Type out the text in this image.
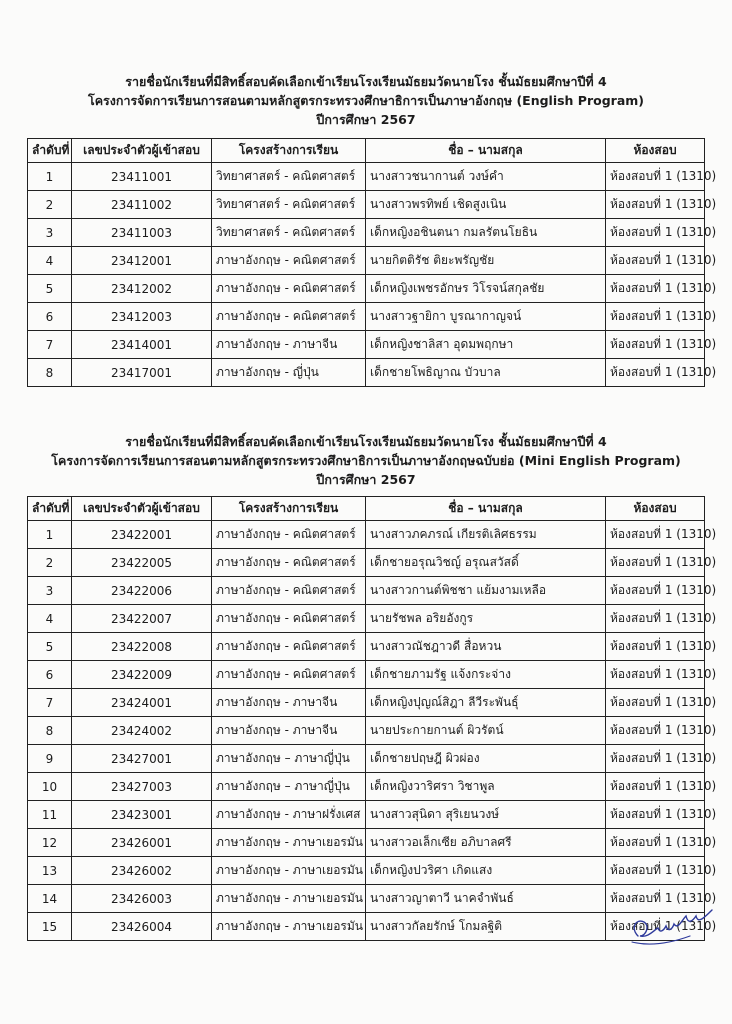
รายชื่อนักเรียนที่มีสิทธิ์สอบคัดเลือกเข้าเรียนโรงเรียนมัธยมวัดนายโรง ชั้นมัธยมศึกษาปีที่ 4
โครงการจัดการเรียนการสอนตามหลักสูตรกระทรวงศึกษาธิการเป็นภาษาอังกฤษ (English Program)
ปีการศึกษา 2567
ลำดับที่	เลขประจำตัวผู้เข้าสอบ	โครงสร้างการเรียน	ชื่อ – นามสกุล	ห้องสอบ
1	23411001	วิทยาศาสตร์ - คณิตศาสตร์	นางสาวชนากานต์ วงษ์คำ	ห้องสอบที่ 1 (1310)
2	23411002	วิทยาศาสตร์ - คณิตศาสตร์	นางสาวพรทิพย์ เชิดสูงเนิน	ห้องสอบที่ 1 (1310)
3	23411003	วิทยาศาสตร์ - คณิตศาสตร์	เด็กหญิงอชินตนา กมลรัตนโยธิน	ห้องสอบที่ 1 (1310)
4	23412001	ภาษาอังกฤษ - คณิตศาสตร์	นายกิตติรัช ติยะพรัญชัย	ห้องสอบที่ 1 (1310)
5	23412002	ภาษาอังกฤษ - คณิตศาสตร์	เด็กหญิงเพชรอักษร วิโรจน์สกุลชัย	ห้องสอบที่ 1 (1310)
6	23412003	ภาษาอังกฤษ - คณิตศาสตร์	นางสาวฐายิกา บูรณากาญจน์	ห้องสอบที่ 1 (1310)
7	23414001	ภาษาอังกฤษ - ภาษาจีน	เด็กหญิงชาลิสา อุดมพฤกษา	ห้องสอบที่ 1 (1310)
8	23417001	ภาษาอังกฤษ - ญี่ปุ่น	เด็กชายโพธิญาณ บัวบาล	ห้องสอบที่ 1 (1310)
รายชื่อนักเรียนที่มีสิทธิ์สอบคัดเลือกเข้าเรียนโรงเรียนมัธยมวัดนายโรง ชั้นมัธยมศึกษาปีที่ 4
โครงการจัดการเรียนการสอนตามหลักสูตรกระทรวงศึกษาธิการเป็นภาษาอังกฤษฉบับย่อ (Mini English Program)
ปีการศึกษา 2567
ลำดับที่	เลขประจำตัวผู้เข้าสอบ	โครงสร้างการเรียน	ชื่อ – นามสกุล	ห้องสอบ
1	23422001	ภาษาอังกฤษ - คณิตศาสตร์	นางสาวภคภรณ์ เกียรติเลิศธรรม	ห้องสอบที่ 1 (1310)
2	23422005	ภาษาอังกฤษ - คณิตศาสตร์	เด็กชายอรุณวิชญ์ อรุณสวัสดิ์	ห้องสอบที่ 1 (1310)
3	23422006	ภาษาอังกฤษ - คณิตศาสตร์	นางสาวกานต์พิชชา แย้มงามเหลือ	ห้องสอบที่ 1 (1310)
4	23422007	ภาษาอังกฤษ - คณิตศาสตร์	นายรัชพล อริยอังกูร	ห้องสอบที่ 1 (1310)
5	23422008	ภาษาอังกฤษ - คณิตศาสตร์	นางสาวณัชฎาวดี สื่อหวน	ห้องสอบที่ 1 (1310)
6	23422009	ภาษาอังกฤษ - คณิตศาสตร์	เด็กชายภามรัฐ แจ้งกระจ่าง	ห้องสอบที่ 1 (1310)
7	23424001	ภาษาอังกฤษ - ภาษาจีน	เด็กหญิงปุญณ์สิฎา ลีวีระพันธุ์	ห้องสอบที่ 1 (1310)
8	23424002	ภาษาอังกฤษ - ภาษาจีน	นายประกายกานต์ ผิวรัตน์	ห้องสอบที่ 1 (1310)
9	23427001	ภาษาอังกฤษ – ภาษาญี่ปุ่น	เด็กชายปฤษฎี ผิวผ่อง	ห้องสอบที่ 1 (1310)
10	23427003	ภาษาอังกฤษ – ภาษาญี่ปุ่น	เด็กหญิงวาริศรา วิชาพูล	ห้องสอบที่ 1 (1310)
11	23423001	ภาษาอังกฤษ - ภาษาฝรั่งเศส	นางสาวสุนิดา สุริเยนวงษ์	ห้องสอบที่ 1 (1310)
12	23426001	ภาษาอังกฤษ - ภาษาเยอรมัน	นางสาวอเล็กเซีย อภิบาลศรี	ห้องสอบที่ 1 (1310)
13	23426002	ภาษาอังกฤษ - ภาษาเยอรมัน	เด็กหญิงปวริศา เกิดแสง	ห้องสอบที่ 1 (1310)
14	23426003	ภาษาอังกฤษ - ภาษาเยอรมัน	นางสาวญาตาวี นาคจำพันธ์	ห้องสอบที่ 1 (1310)
15	23426004	ภาษาอังกฤษ - ภาษาเยอรมัน	นางสาวกัลยรักษ์ โกมลฐิติ	ห้องสอบที่ 1 (1310)
